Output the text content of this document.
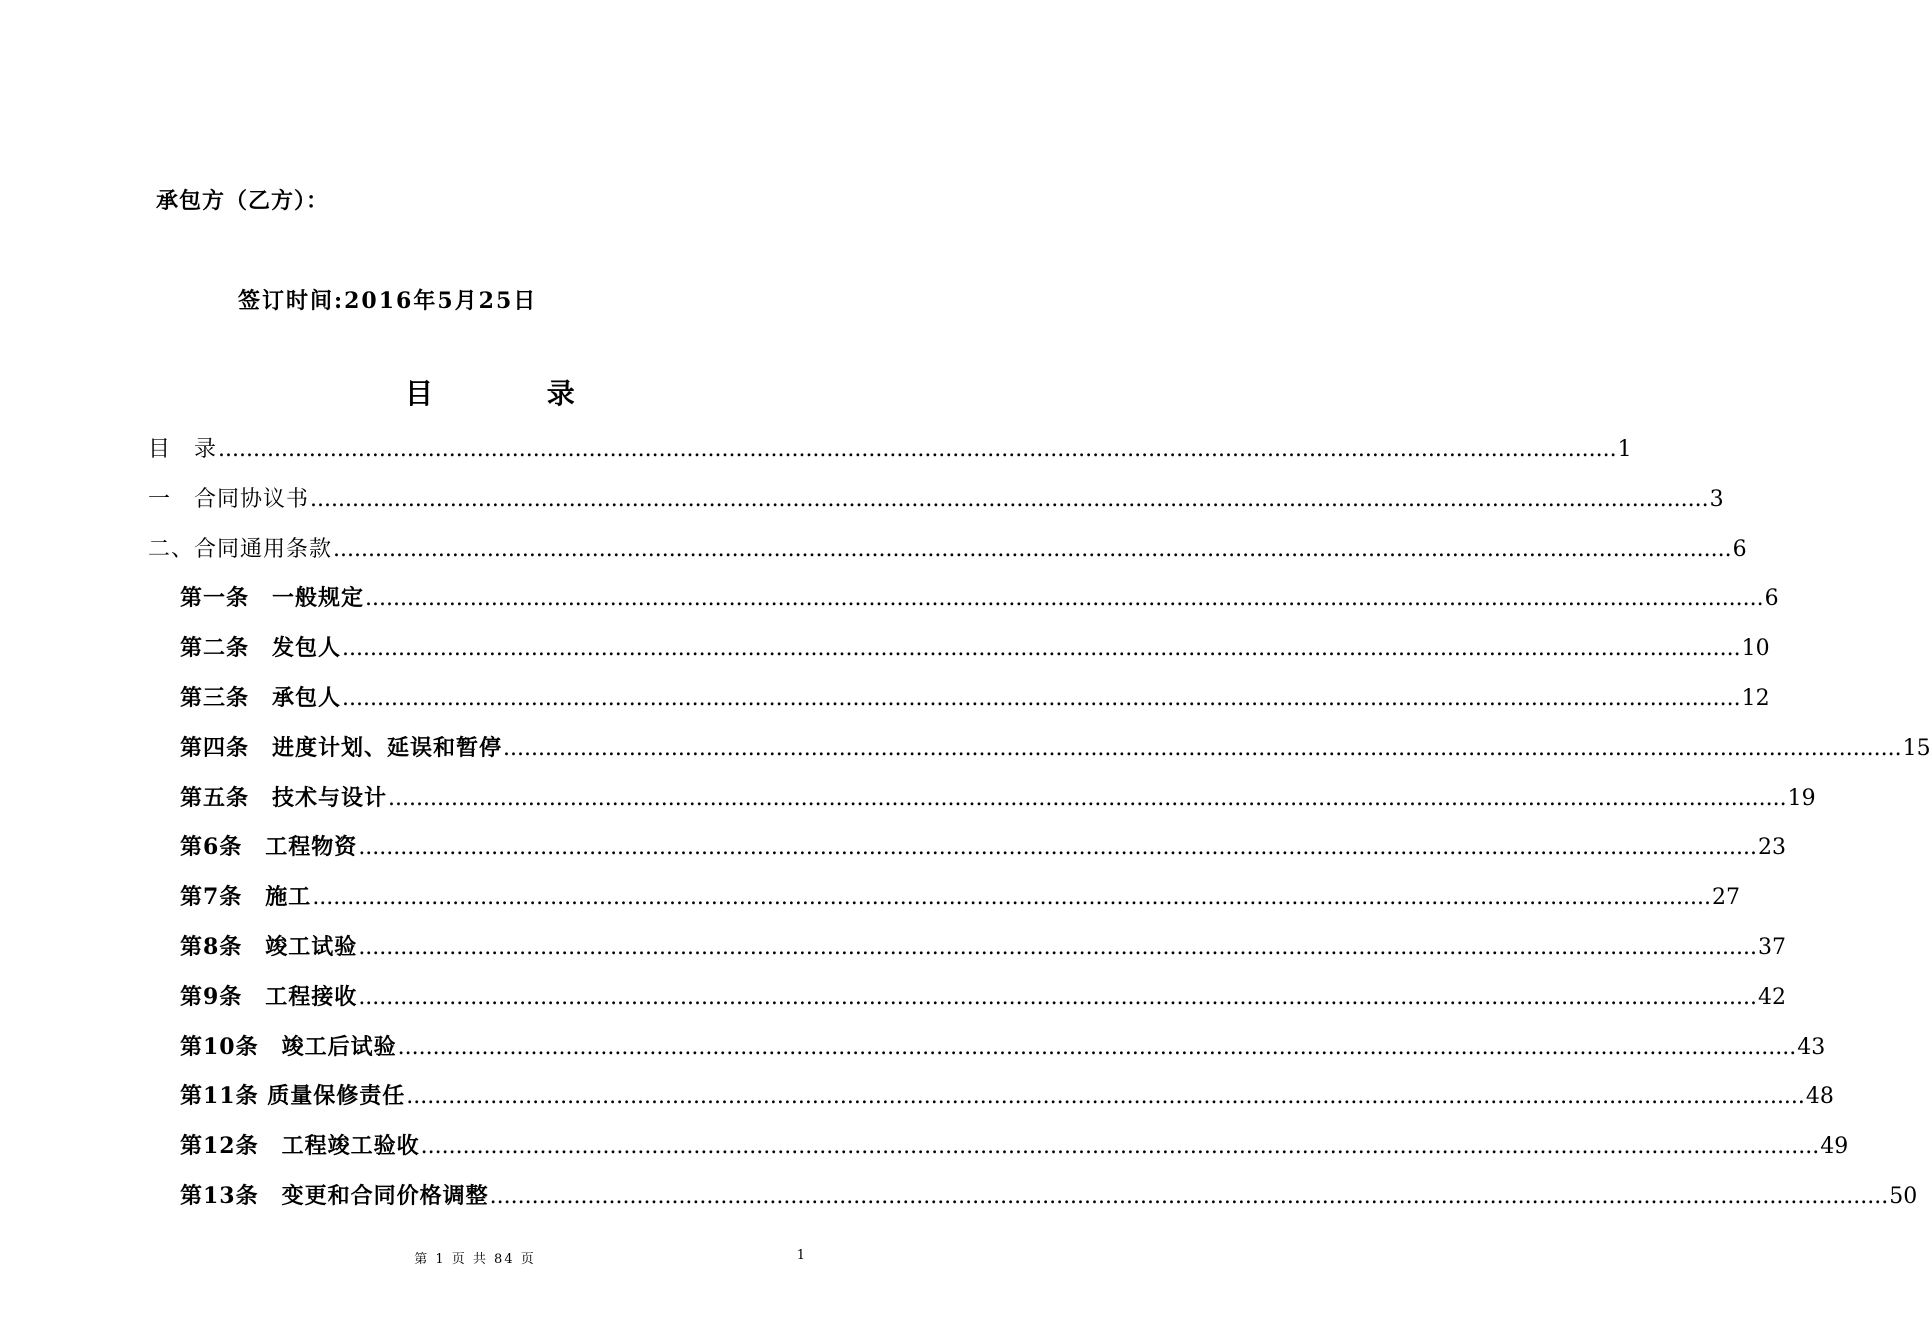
承包方（乙方）：
签订时间:2016年5月25日
目 录
目　录 ........................................................................................................................................................................................................ 1
一　合同协议书 ........................................................................................................................................................................................................ 3
二、合同通用条款 ........................................................................................................................................................................................................ 6
第一条　一般规定 ........................................................................................................................................................................................................ 6
第二条　发包人 ........................................................................................................................................................................................................ 10
第三条　承包人 ........................................................................................................................................................................................................ 12
第四条　进度计划、延误和暂停 ........................................................................................................................................................................................................ 15
第五条　技术与设计 ........................................................................................................................................................................................................ 19
第6条　工程物资 ........................................................................................................................................................................................................ 23
第7条　施工 ........................................................................................................................................................................................................ 27
第8条　竣工试验 ........................................................................................................................................................................................................ 37
第9条　工程接收 ........................................................................................................................................................................................................ 42
第10条　竣工后试验 ........................................................................................................................................................................................................ 43
第11条 质量保修责任 ........................................................................................................................................................................................................ 48
第12条　工程竣工验收 ........................................................................................................................................................................................................ 49
第13条　变更和合同价格调整 ........................................................................................................................................................................................................ 50
第 1 页 共 84 页	1
